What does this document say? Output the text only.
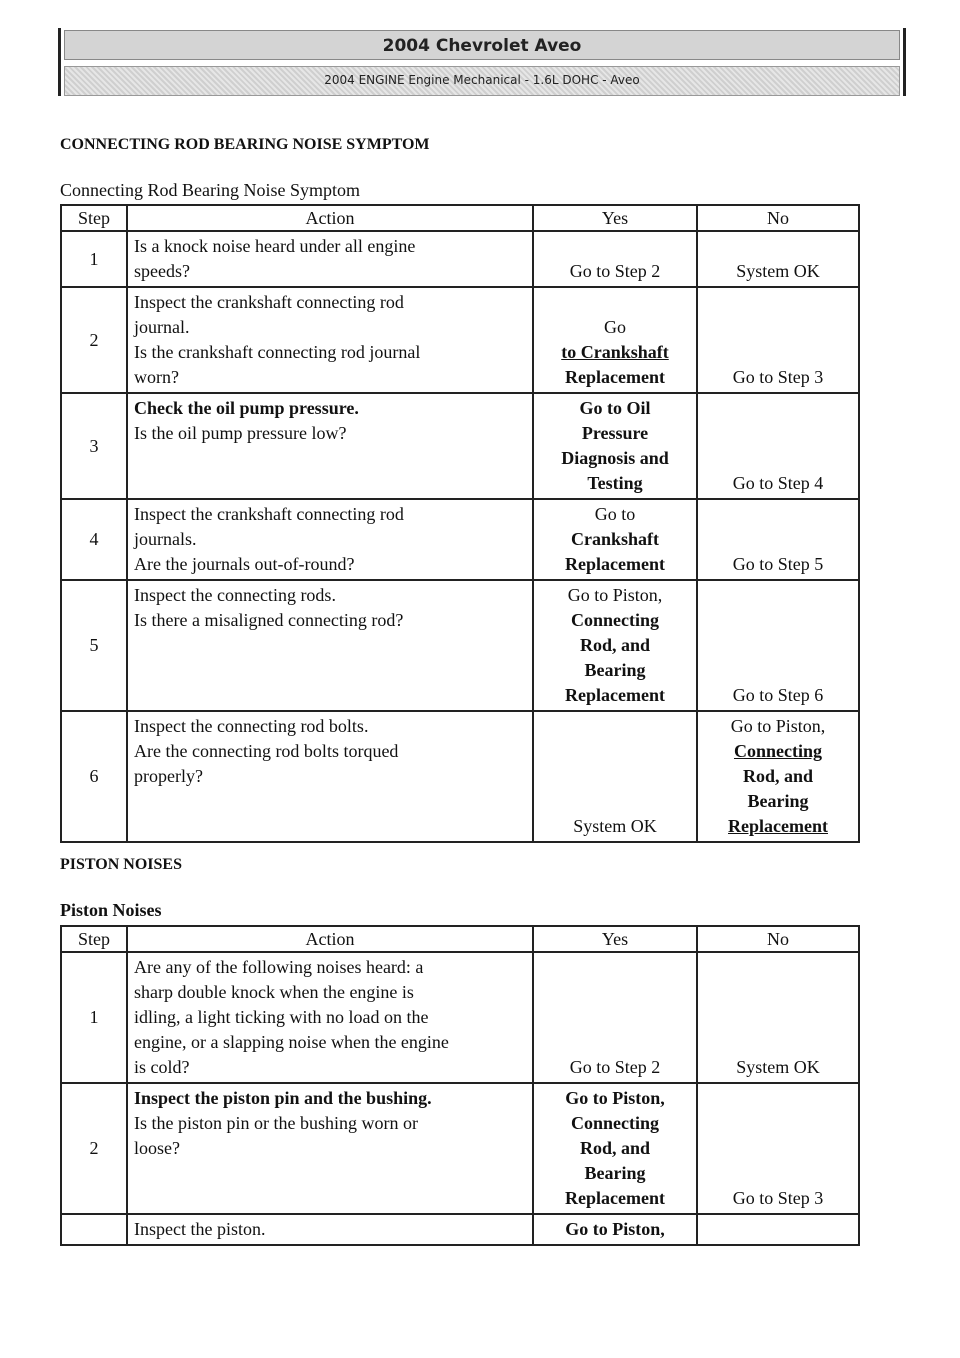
2004 Chevrolet Aveo
2004 ENGINE Engine Mechanical - 1.6L DOHC - Aveo
CONNECTING ROD BEARING NOISE SYMPTOM
Connecting Rod Bearing Noise Symptom
Step	Action	Yes	No
1	Is a knock noise heard under all engine
speeds?	Go to Step 2	System OK

2	Inspect the crankshaft connecting rod
journal.
Is the crankshaft connecting rod journal
worn?	Go
to Crankshaft
Replacement	Go to Step 3

3	Check the oil pump pressure.
Is the oil pump pressure low?	Go to Oil
Pressure
Diagnosis and
Testing	Go to Step 4

4	Inspect the crankshaft connecting rod
journals.
Are the journals out-of-round?	Go to
Crankshaft
Replacement	Go to Step 5

5	Inspect the connecting rods.
Is there a misaligned connecting rod?	Go to Piston,
Connecting
Rod, and
Bearing
Replacement	Go to Step 6

6	Inspect the connecting rod bolts.
Are the connecting rod bolts torqued
properly?	System OK	Go to Piston,
Connecting
Rod, and
Bearing
Replacement
PISTON NOISES
Piston Noises
Step	Action	Yes	No
1	Are any of the following noises heard: a
sharp double knock when the engine is
idling, a light ticking with no load on the
engine, or a slapping noise when the engine
is cold?	Go to Step 2	System OK

2	Inspect the piston pin and the bushing.
Is the piston pin or the bushing worn or
loose?	Go to Piston,
Connecting
Rod, and
Bearing
Replacement	Go to Step 3

	Inspect the piston.	Go to Piston,	
